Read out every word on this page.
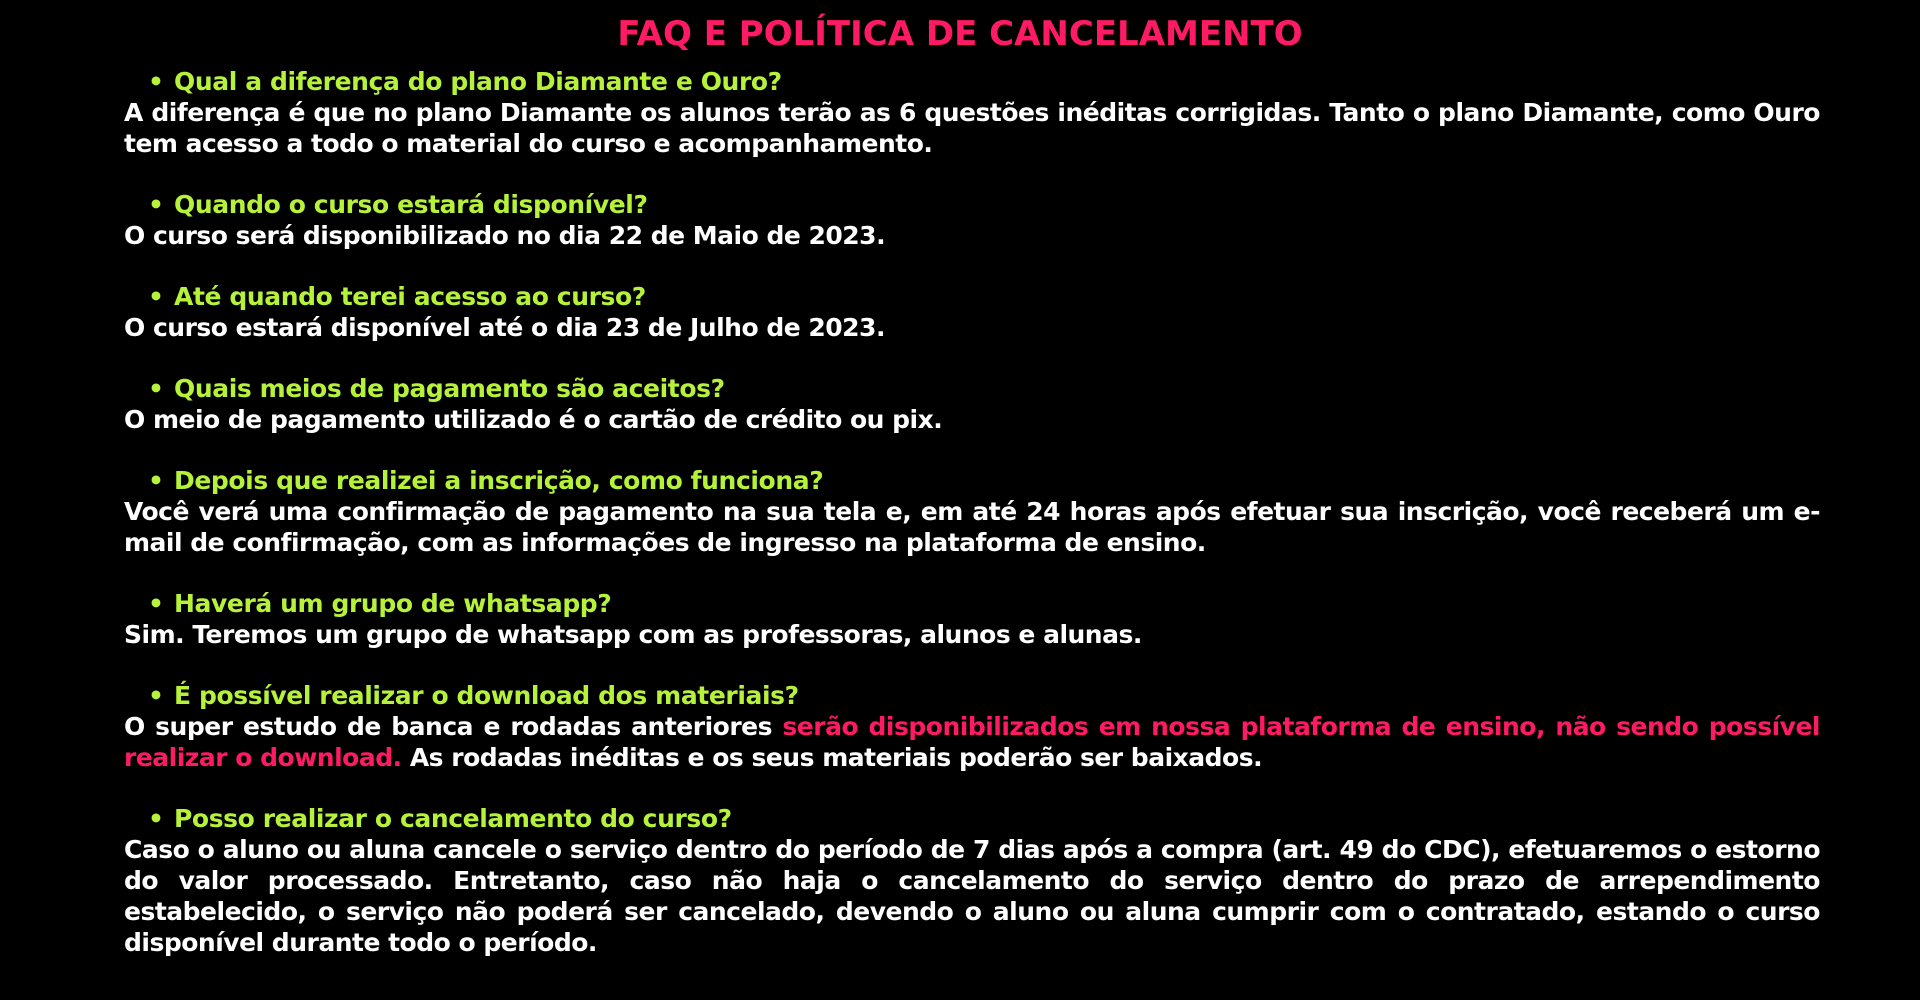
FAQ E POLÍTICA DE CANCELAMENTO

• Qual a diferença do plano Diamante e Ouro?

A diferença é que no plano Diamante os alunos terão as 6 questões inéditas corrigidas. Tanto o plano Diamante, como Ouro tem acesso a todo o material do curso e acompanhamento.

• Quando o curso estará disponível?

O curso será disponibilizado no dia 22 de Maio de 2023.

• Até quando terei acesso ao curso?

O curso estará disponível até o dia 23 de Julho de 2023.

• Quais meios de pagamento são aceitos?

O meio de pagamento utilizado é o cartão de crédito ou pix.

• Depois que realizei a inscrição, como funciona?

Você verá uma confirmação de pagamento na sua tela e, em até 24 horas após efetuar sua inscrição, você receberá um e-mail de confirmação, com as informações de ingresso na plataforma de ensino.

• Haverá um grupo de whatsapp?

Sim. Teremos um grupo de whatsapp com as professoras, alunos e alunas.

• É possível realizar o download dos materiais?

O super estudo de banca e rodadas anteriores serão disponibilizados em nossa plataforma de ensino, não sendo possível realizar o download. As rodadas inéditas e os seus materiais poderão ser baixados.

• Posso realizar o cancelamento do curso?

Caso o aluno ou aluna cancele o serviço dentro do período de 7 dias após a compra (art. 49 do CDC), efetuaremos o estorno do valor processado. Entretanto, caso não haja o cancelamento do serviço dentro do prazo de arrependimento estabelecido, o serviço não poderá ser cancelado, devendo o aluno ou aluna cumprir com o contratado, estando o curso disponível durante todo o período.
